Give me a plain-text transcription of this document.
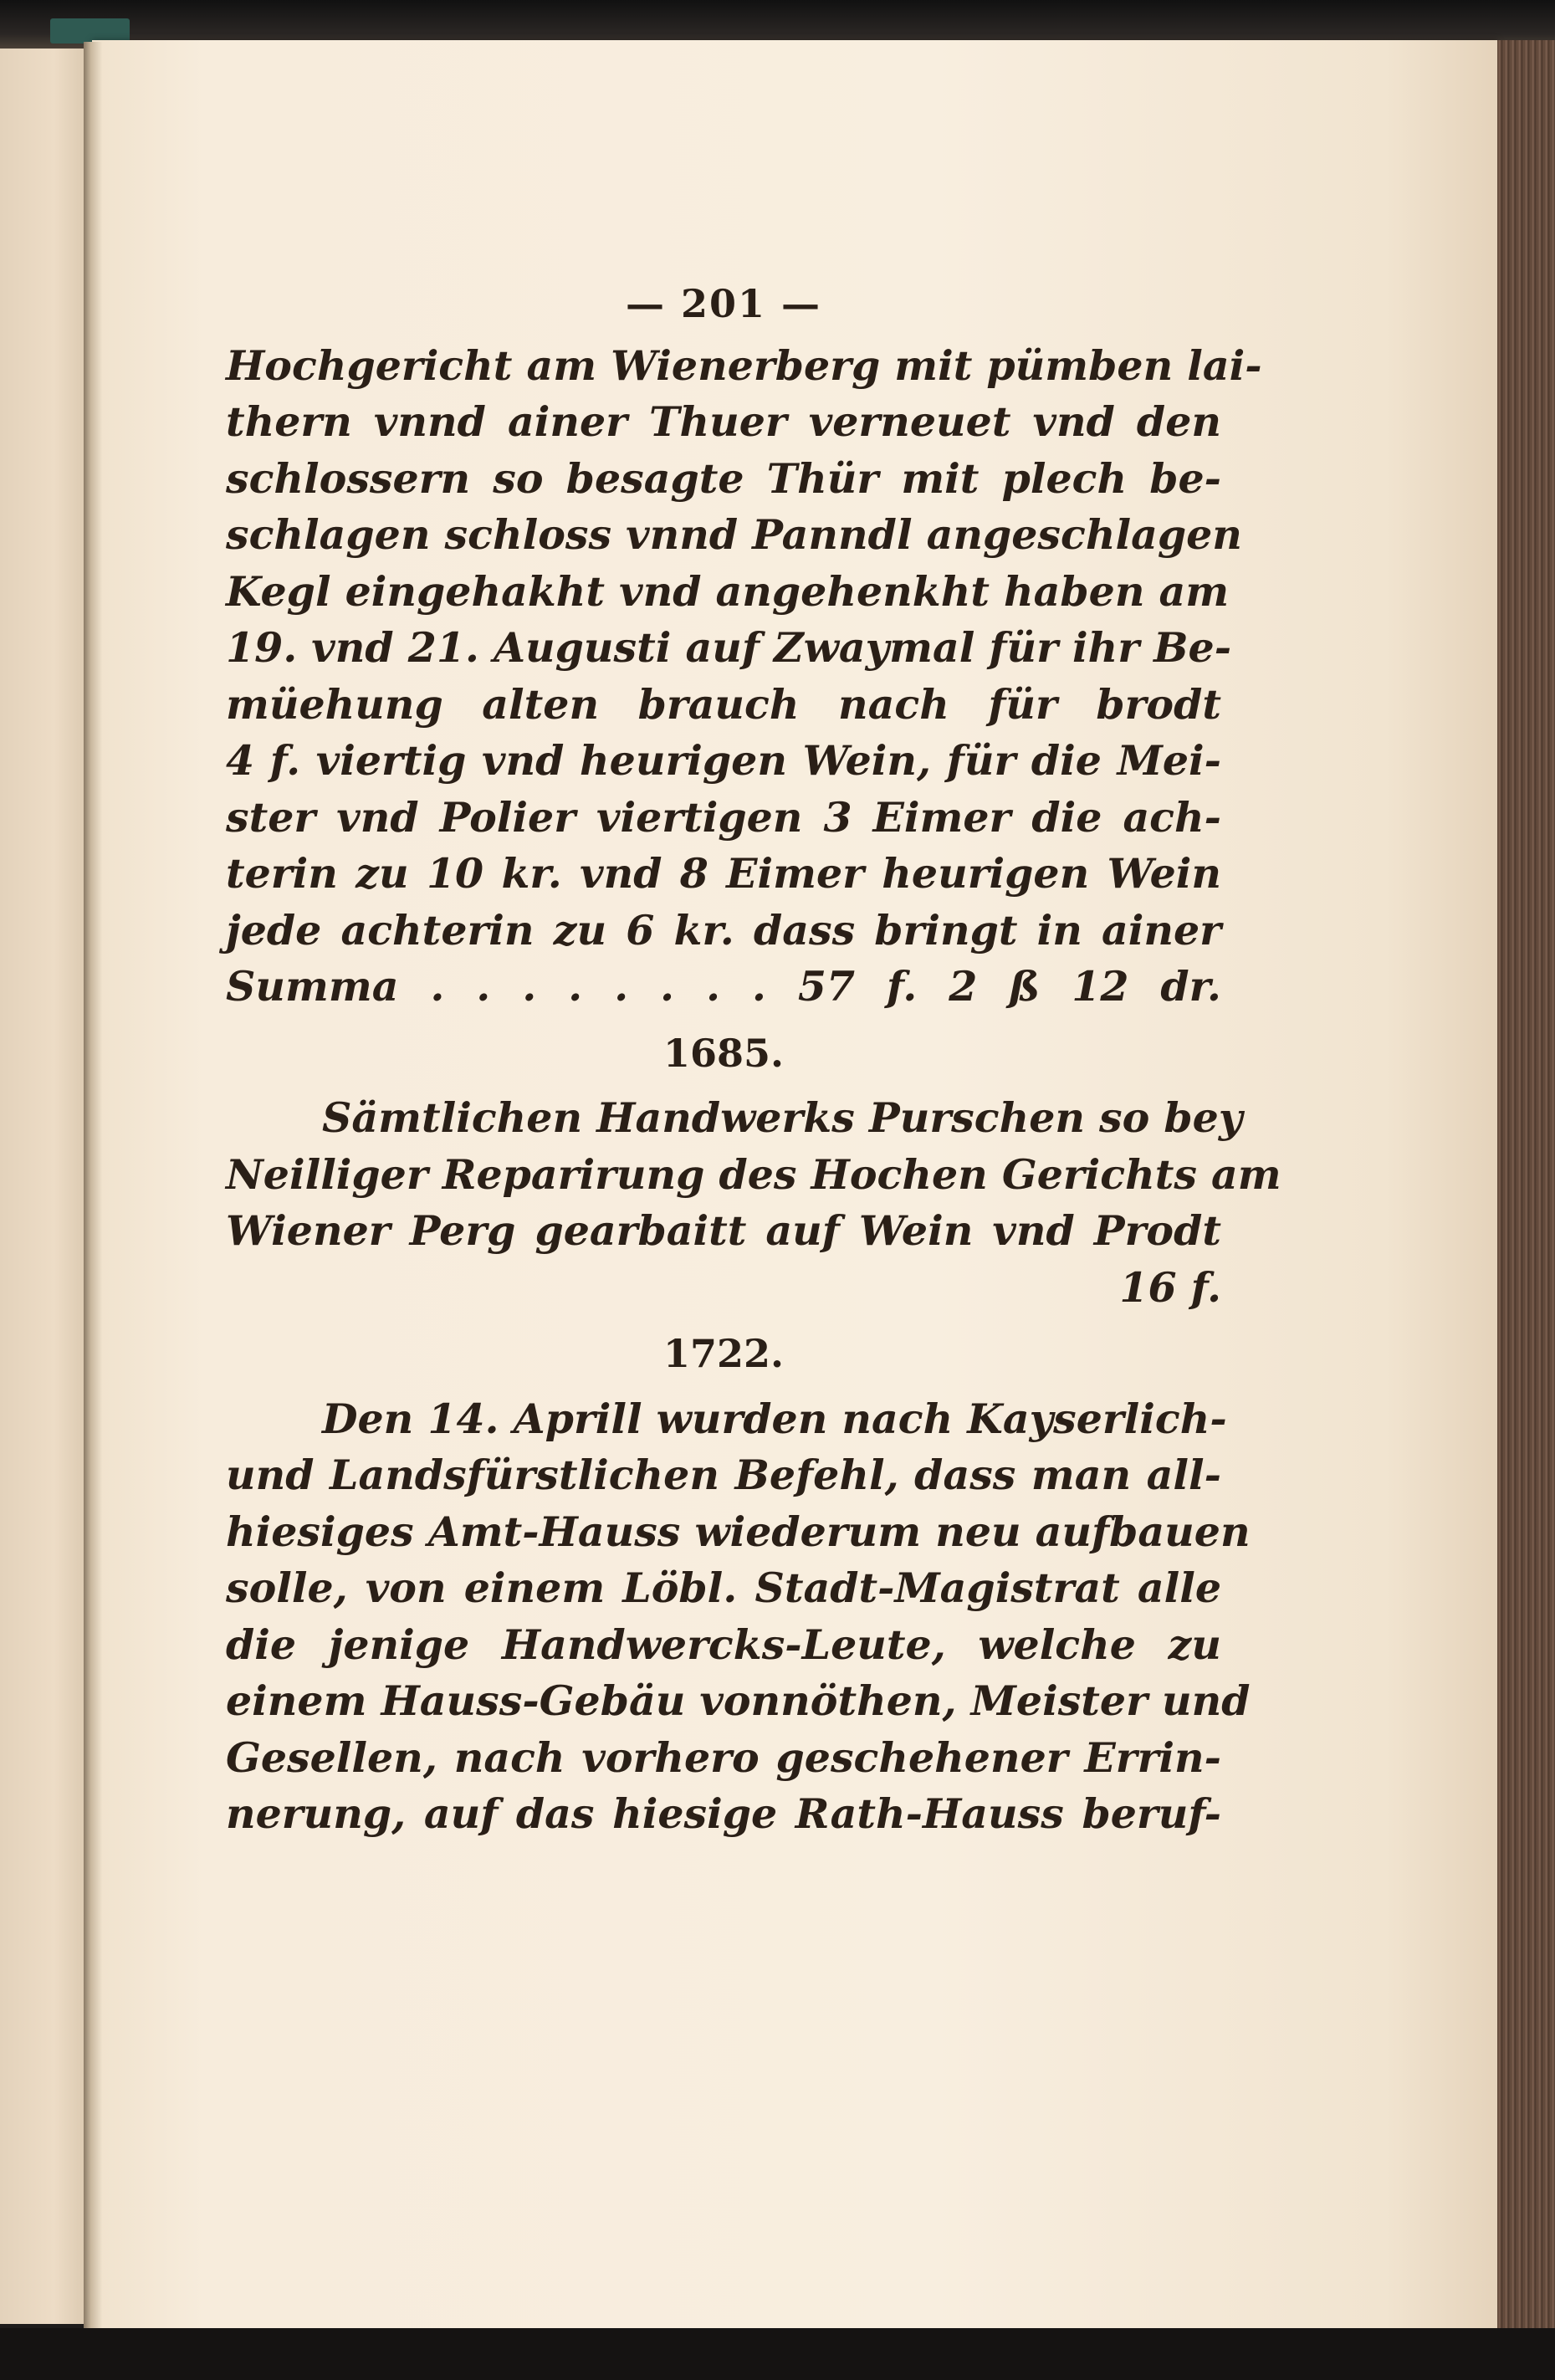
— 201 —
Hochgericht am Wienerberg mit pümben lai-
thern vnnd ainer Thuer verneuet vnd den
schlossern so besagte Thür mit plech be-
schlagen schloss vnnd Panndl angeschlagen
Kegl eingehakht vnd angehenkht haben am
19. vnd 21. Augusti auf Zwaymal für ihr Be-
müehung alten brauch nach für brodt
4 f. viertig vnd heurigen Wein, für die Mei-
ster vnd Polier viertigen 3 Eimer die ach-
terin zu 10 kr. vnd 8 Eimer heurigen Wein
jede achterin zu 6 kr. dass bringt in ainer
Summa . . . . . . . . 57 f. 2 ß 12 dr.
1685.
Sämtlichen Handwerks Purschen so bey
Neilliger Reparirung des Hochen Gerichts am
Wiener Perg gearbaitt auf Wein vnd Prodt
16 f.
1722.
Den 14. Aprill wurden nach Kayserlich-
und Landsfürstlichen Befehl, dass man all-
hiesiges Amt-Hauss wiederum neu aufbauen
solle, von einem Löbl. Stadt-Magistrat alle
die jenige Handwercks-Leute, welche zu
einem Hauss-Gebäu vonnöthen, Meister und
Gesellen, nach vorhero geschehener Errin-
nerung, auf das hiesige Rath-Hauss beruf-
